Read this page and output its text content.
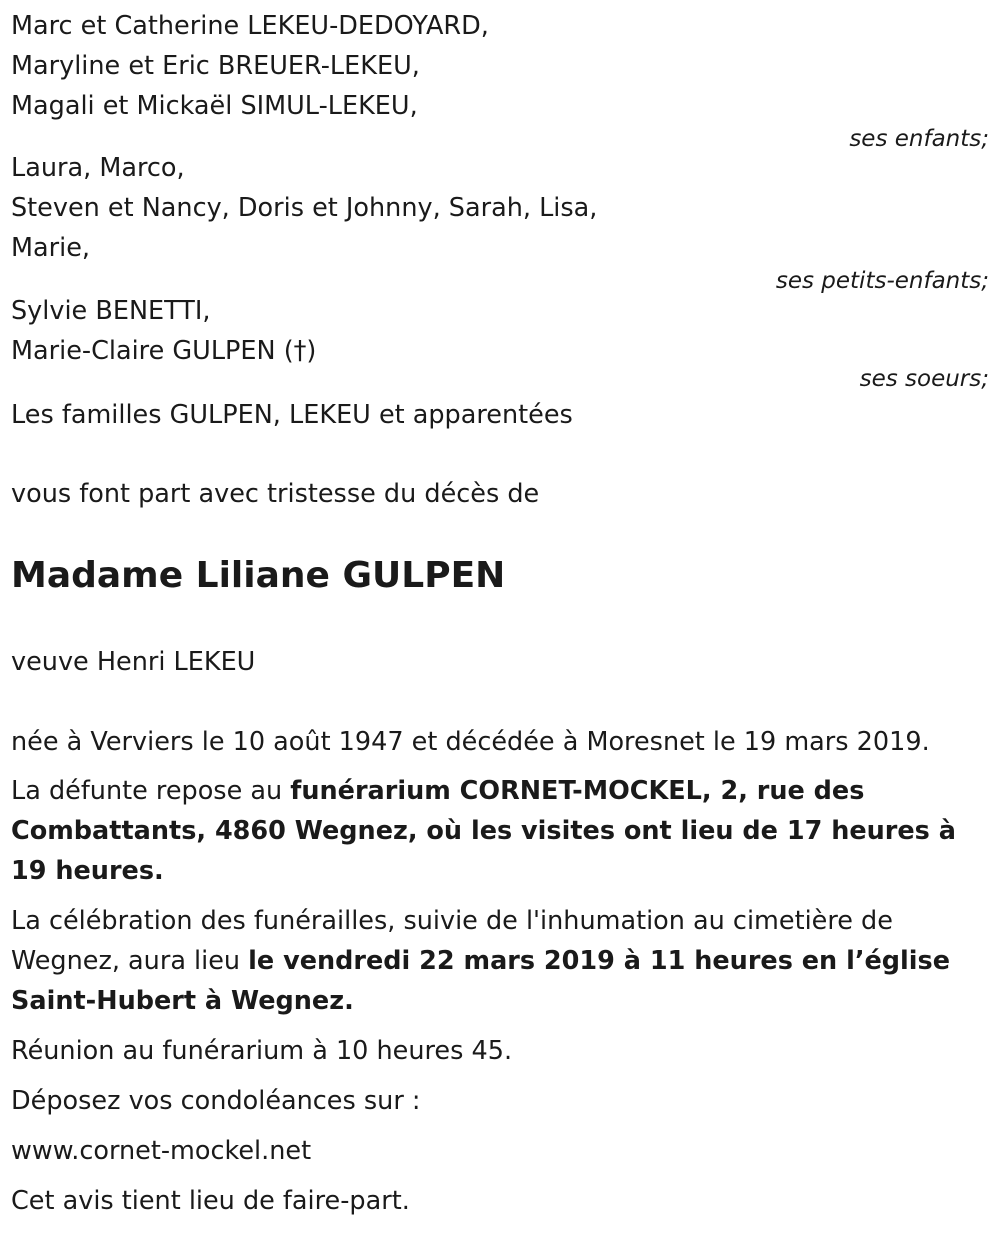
Marc et Catherine LEKEU-DEDOYARD,

Maryline et Eric BREUER-LEKEU,

Magali et Mickaël SIMUL-LEKEU,

ses enfants;

Laura, Marco,

Steven et Nancy, Doris et Johnny, Sarah, Lisa,

Marie,

ses petits-enfants;

Sylvie BENETTI,

Marie-Claire GULPEN (†)

ses soeurs;

Les familles GULPEN, LEKEU et apparentées

vous font part avec tristesse du décès de

Madame Liliane GULPEN

veuve Henri LEKEU

née à Verviers le 10 août 1947 et décédée à Moresnet le 19 mars 2019.

La défunte repose au funérarium CORNET-MOCKEL, 2, rue des Combattants, 4860 Wegnez, où les visites ont lieu de 17 heures à 19 heures.

La célébration des funérailles, suivie de l'inhumation au cimetière de Wegnez, aura lieu le vendredi 22 mars 2019 à 11 heures en l’église Saint-Hubert à Wegnez.

Réunion au funérarium à 10 heures 45.

Déposez vos condoléances sur :

www.cornet-mockel.net

Cet avis tient lieu de faire-part.
